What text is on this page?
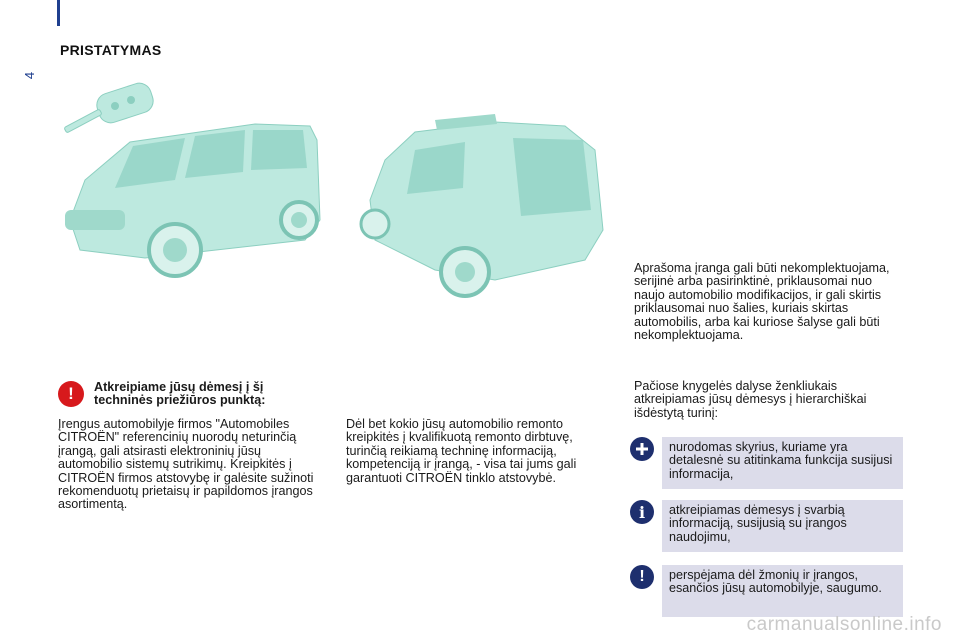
4
PRISTATYMAS
Aprašoma įranga gali būti nekomplektuojama, serijinė arba pasirinktinė, priklausomai nuo naujo automobilio modifikacijos, ir gali skirtis priklausomai nuo šalies, kuriais skirtas automobilis, arba kai kuriose šalyse gali būti nekomplektuojama.
Pačiose knygelės dalyse ženkliukais atkreipiamas jūsų dėmesys į hierarchiškai išdėstytą turinį:
nurodomas skyrius, kuriame yra detalesnė su atitinkama funkcija susijusi informacija,
i	atkreipiamas dėmesys į svarbią informaciją, susijusią su įrangos naudojimu,
!	perspėjama dėl žmonių ir įrangos, esančios jūsų automobilyje, saugumo.
! Atkreipiame jūsų dėmesį į šį techninės priežiūros punktą:
Įrengus automobilyje firmos "Automobiles CITROËN" referencinių nuorodų neturinčią įrangą, gali atsirasti elektroninių jūsų automobilio sistemų sutrikimų. Kreipkitės į CITROËN firmos atstovybę ir galėsite sužinoti rekomenduotų prietaisų ir papildomos įrangos asortimentą.
Dėl bet kokio jūsų automobilio remonto kreipkitės į kvalifikuotą remonto dirbtuvę, turinčią reikiamą techninę informaciją, kompetenciją ir įrangą, - visa tai jums gali garantuoti CITROËN tinklo atstovybė.
carmanualsonline.info
